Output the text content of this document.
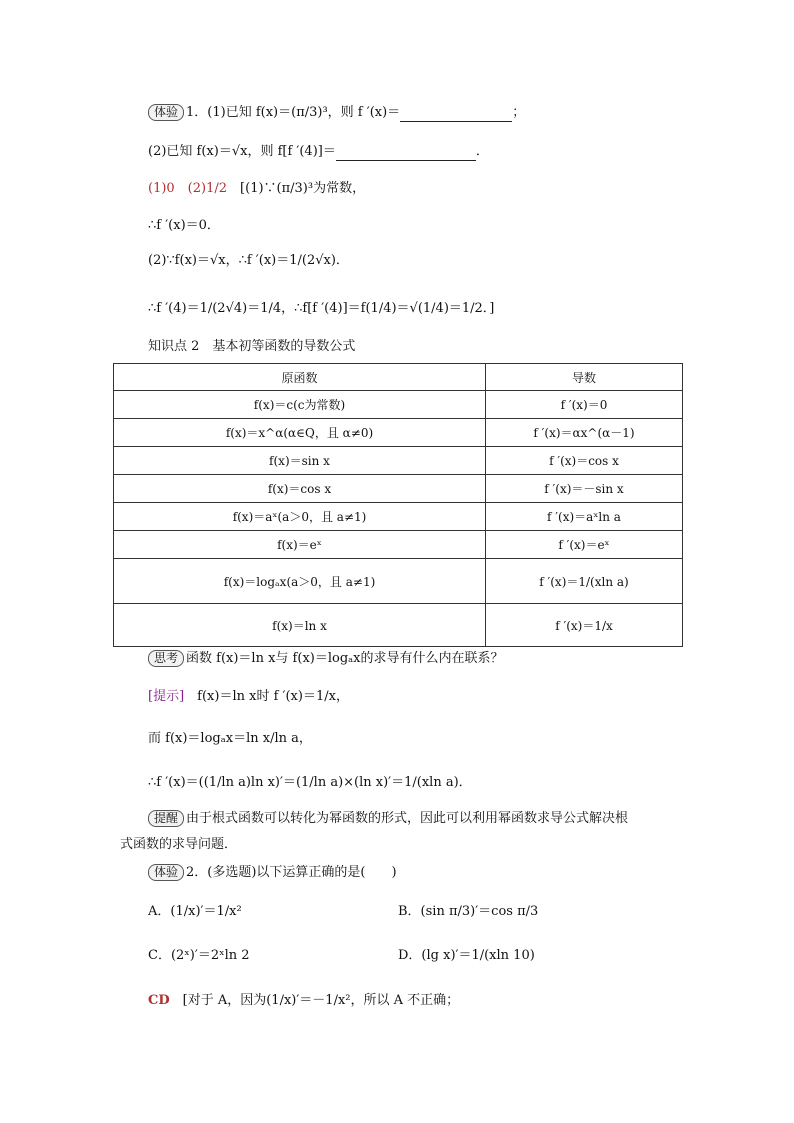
体验 1．(1)已知 f(x)＝(π/3)³，则 f ′(x)＝	；
(2)已知 f(x)＝√x，则 f[f ′(4)]＝	．
(1)0　(2)1/2　 [(1)∵(π/3)³为常数，
∴f ′(x)＝0．
(2)∵f(x)＝√x，∴f ′(x)＝1/(2√x)．
∴f ′(4)＝1/(2√4)＝1/4，∴f[f ′(4)]＝f(1/4)＝√(1/4)＝1/2．]
知识点 2　基本初等函数的导数公式
原函数	导数
f(x)＝c(c为常数)	f ′(x)＝0
f(x)＝x^α(α∈Q，且 α≠0)	f ′(x)＝αx^(α－1)
f(x)＝sin x	f ′(x)＝cos x
f(x)＝cos x	f ′(x)＝－sin x
f(x)＝aˣ(a＞0，且 a≠1)	f ′(x)＝aˣln a
f(x)＝eˣ	f ′(x)＝eˣ
f(x)＝logₐx(a＞0，且 a≠1)	f ′(x)＝1/(xln a)
f(x)＝ln x	f ′(x)＝1/x
思考 函数 f(x)＝ln x与 f(x)＝logₐx的求导有什么内在联系？
[提示]　 f(x)＝ln x时 f ′(x)＝1/x，
而 f(x)＝logₐx＝ln x/ln a，
∴f ′(x)＝((1/ln a)ln x)′＝(1/ln a)×(ln x)′＝1/(xln a)．
提醒 由于根式函数可以转化为幂函数的形式，因此可以利用幂函数求导公式解决根
式函数的求导问题．
体验 2．(多选题)以下运算正确的是(　　)
A．(1/x)′＝1/x²	B．(sin π/3)′＝cos π/3
C．(2ˣ)′＝2ˣln 2	D．(lg x)′＝1/(xln 10)
CD　 [对于 A，因为(1/x)′＝－1/x²，所以 A 不正确；
